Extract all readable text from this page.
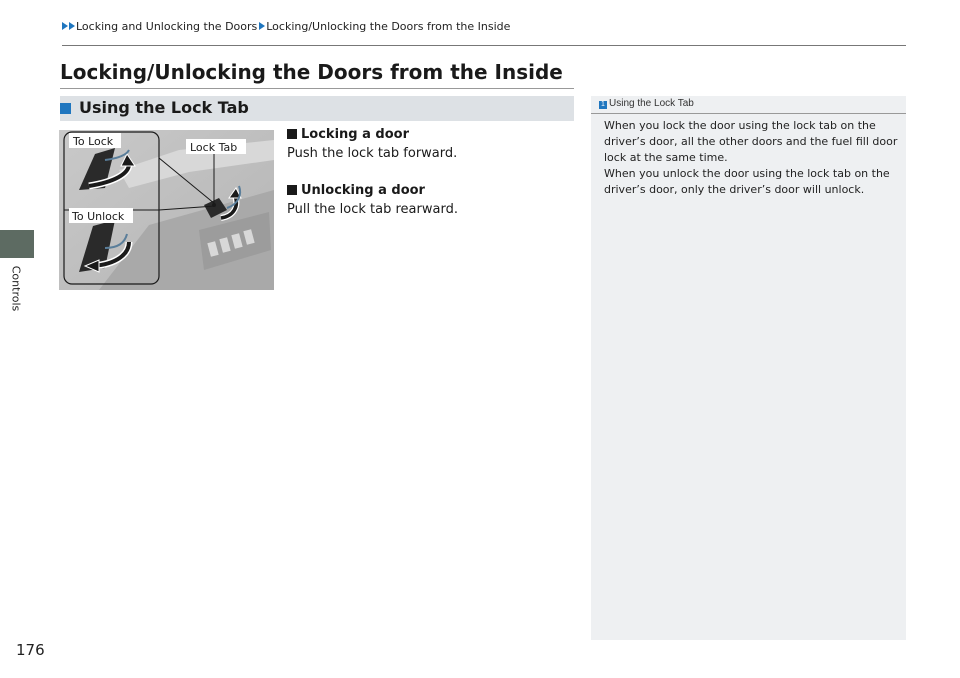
Locking and Unlocking the Doors Locking/Unlocking the Doors from the Inside
Controls
176
Locking/Unlocking the Doors from the Inside
Using the Lock Tab
To Lock	Lock Tab
To Unlock
Locking a door
Push the lock tab forward.
Unlocking a door
Pull the lock tab rearward.
1 Using the Lock Tab

When you lock the door using the lock tab on the driver’s door, all the other doors and the fuel fill door lock at the same time.

When you unlock the door using the lock tab on the driver’s door, only the driver’s door will unlock.
